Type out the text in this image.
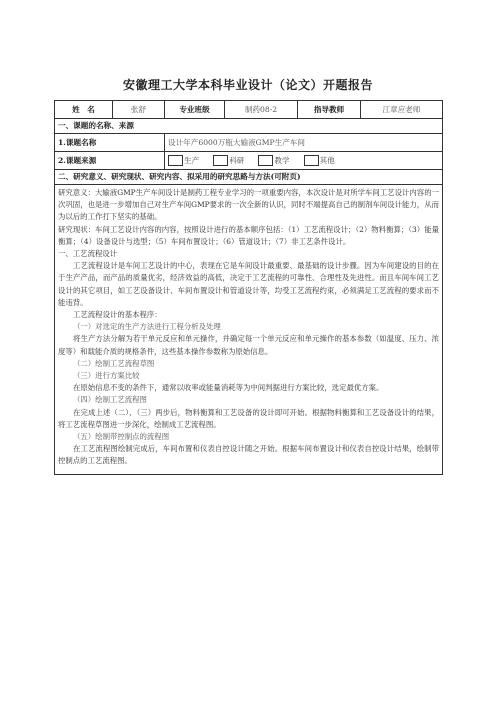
安徽理工大学本科毕业设计（论文）开题报告
姓　名	张舒	专业班级	制药08-2	指导教师	江章应老师
一、课题的名称、来源
1.课题名称	设计年产6000万瓶大输液GMP生产车间
2.课题来源	生产	科研	教学	其他
二、研究意义、研究现状、研究内容、拟采用的研究思路与方法(可附页)

研究意义：大输液GMP生产车间设计是制药工程专业学习的一项重要内容，本次设计是对所学车间工艺设计内容的一次巩固，也是进一步增加自己对生产车间GMP要求的一次全新的认识，同时不端提高自己的制剂车间设计能力，从而为以后的工作打下坚实的基础。

研究现状：车间工艺设计内容的内容，按照设计进行的基本顺序包括：（1）工艺流程设计；（2）物料衡算；（3）能量衡算；（4）设备设计与选型；（5）车间布置设计；（6）管道设计；（7）非工艺条件设计。

一、工艺流程设计

工艺流程设计是车间工艺设计的中心，表现在它是车间设计最重要、最基础的设计步骤。因为车间建设的目的在于生产产品，而产品的质量优劣，经济效益的高低，决定于工艺流程的可靠性、合理性及先进性。而且车间车间工艺设计的其它项目，如工艺设备设计、车间布置设计和管道设计等，均受工艺流程约束，必须满足工艺流程的要求而不能违背。

工艺流程设计的基本程序：

（一）对选定的生产方法进行工程分析及处理

将生产方法分解为若干单元反应和单元操作，并确定每一个单元反应和单元操作的基本参数（如温度、压力、浓度等）和载能介质的规格条件，这些基本操作参数称为原始信息。

（二）绘制工艺流程草图

（三）进行方案比较

在原始信息不变的条件下，通常以收率或能量消耗等为中间判据进行方案比较，选定最优方案。

（四）绘制工艺流程图

在完成上述（二）、（三）两步后，物料衡算和工艺设备的设计即可开始。根据物料衡算和工艺设备设计的结果，将工艺流程草图进一步深化，绘制成工艺流程图。

（五）绘制带控制点的流程图

在工艺流程图绘制完成后，车间布置和仪表自控设计随之开始。根据车间布置设计和仪表自控设计结果，绘制带控制点的工艺流程图。
